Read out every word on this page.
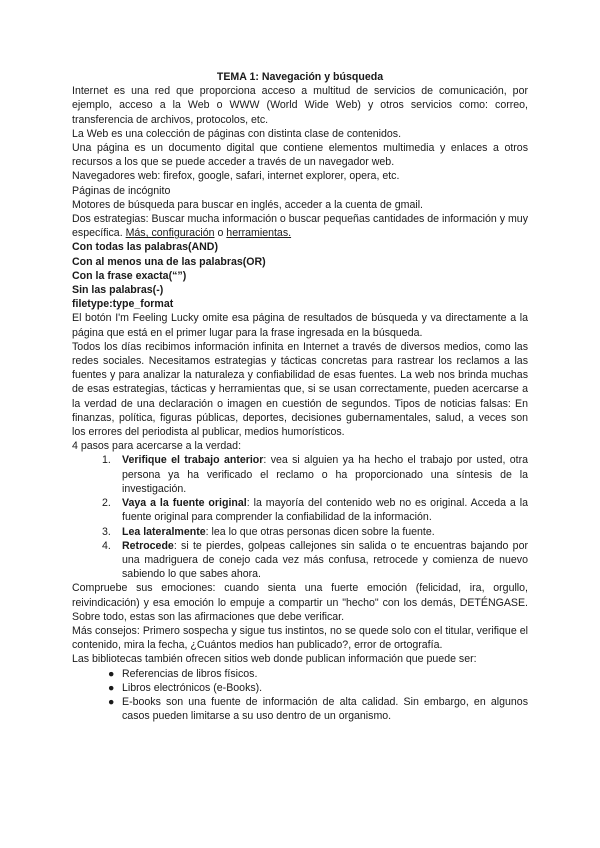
TEMA 1: Navegación y búsqueda

Internet es una red que proporciona acceso a multitud de servicios de comunicación, por ejemplo, acceso a la Web o WWW (World Wide Web) y otros servicios como: correo, transferencia de archivos, protocolos, etc.

La Web es una colección de páginas con distinta clase de contenidos.

Una página es un documento digital que contiene elementos multimedia y enlaces a otros recursos a los que se puede acceder a través de un navegador web.

Navegadores web: firefox, google, safari, internet explorer, opera, etc.

Páginas de incógnito

Motores de búsqueda para buscar en inglés, acceder a la cuenta de gmail.

Dos estrategias: Buscar mucha información o buscar pequeñas cantidades de información y muy específica. Más, configuración o herramientas.

Con todas las palabras(AND)

Con al menos una de las palabras(OR)

Con la frase exacta(“”)

Sin las palabras(-)

filetype:type_format

El botón I'm Feeling Lucky omite esa página de resultados de búsqueda y va directamente a la página que está en el primer lugar para la frase ingresada en la búsqueda.

Todos los días recibimos información infinita en Internet a través de diversos medios, como las redes sociales. Necesitamos estrategias y tácticas concretas para rastrear los reclamos a las fuentes y para analizar la naturaleza y confiabilidad de esas fuentes. La web nos brinda muchas de esas estrategias, tácticas y herramientas que, si se usan correctamente, pueden acercarse a la verdad de una declaración o imagen en cuestión de segundos. Tipos de noticias falsas: En finanzas, política, figuras públicas, deportes, decisiones gubernamentales, salud, a veces son los errores del periodista al publicar, medios humorísticos.

4 pasos para acercarse a la verdad:

1. Verifique el trabajo anterior: vea si alguien ya ha hecho el trabajo por usted, otra persona ya ha verificado el reclamo o ha proporcionado una síntesis de la investigación.
2. Vaya a la fuente original: la mayoría del contenido web no es original. Acceda a la fuente original para comprender la confiabilidad de la información.
3. Lea lateralmente: lea lo que otras personas dicen sobre la fuente.
4. Retrocede: si te pierdes, golpeas callejones sin salida o te encuentras bajando por una madriguera de conejo cada vez más confusa, retrocede y comienza de nuevo sabiendo lo que sabes ahora.

Compruebe sus emociones: cuando sienta una fuerte emoción (felicidad, ira, orgullo, reivindicación) y esa emoción lo empuje a compartir un "hecho" con los demás, DETÉNGASE. Sobre todo, estas son las afirmaciones que debe verificar.

Más consejos: Primero sospecha y sigue tus instintos, no se quede solo con el titular, verifique el contenido, mira la fecha, ¿Cuántos medios han publicado?, error de ortografía.

Las bibliotecas también ofrecen sitios web donde publican información que puede ser:

● Referencias de libros físicos.
● Libros electrónicos (e-Books).
● E-books son una fuente de información de alta calidad. Sin embargo, en algunos casos pueden limitarse a su uso dentro de un organismo.
